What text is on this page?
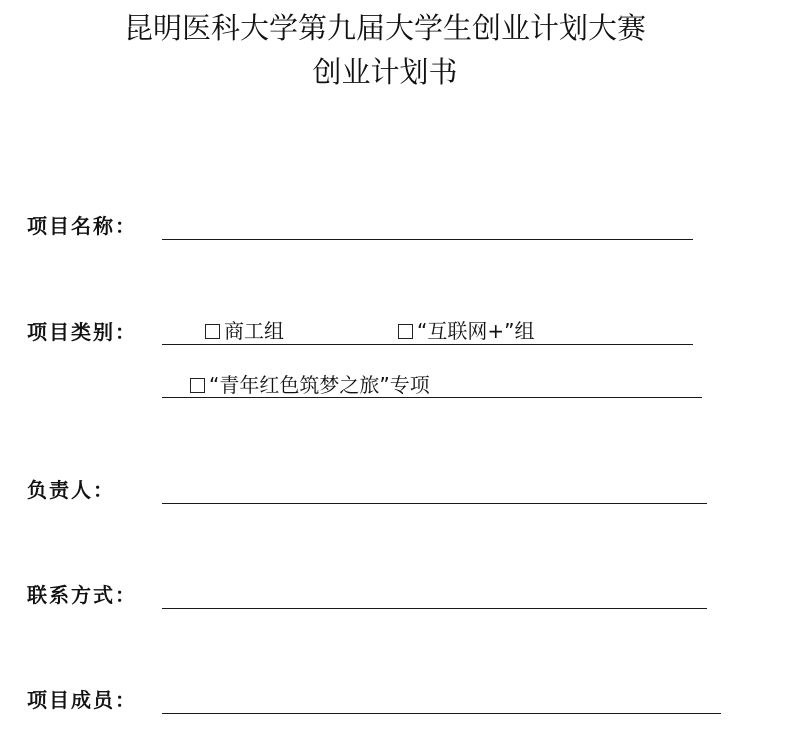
昆明医科大学第九届大学生创业计划大赛
创业计划书
项目名称：
项目类别：	商工组	“互联网+”组
“青年红色筑梦之旅”专项
负责人：
联系方式：
项目成员：
